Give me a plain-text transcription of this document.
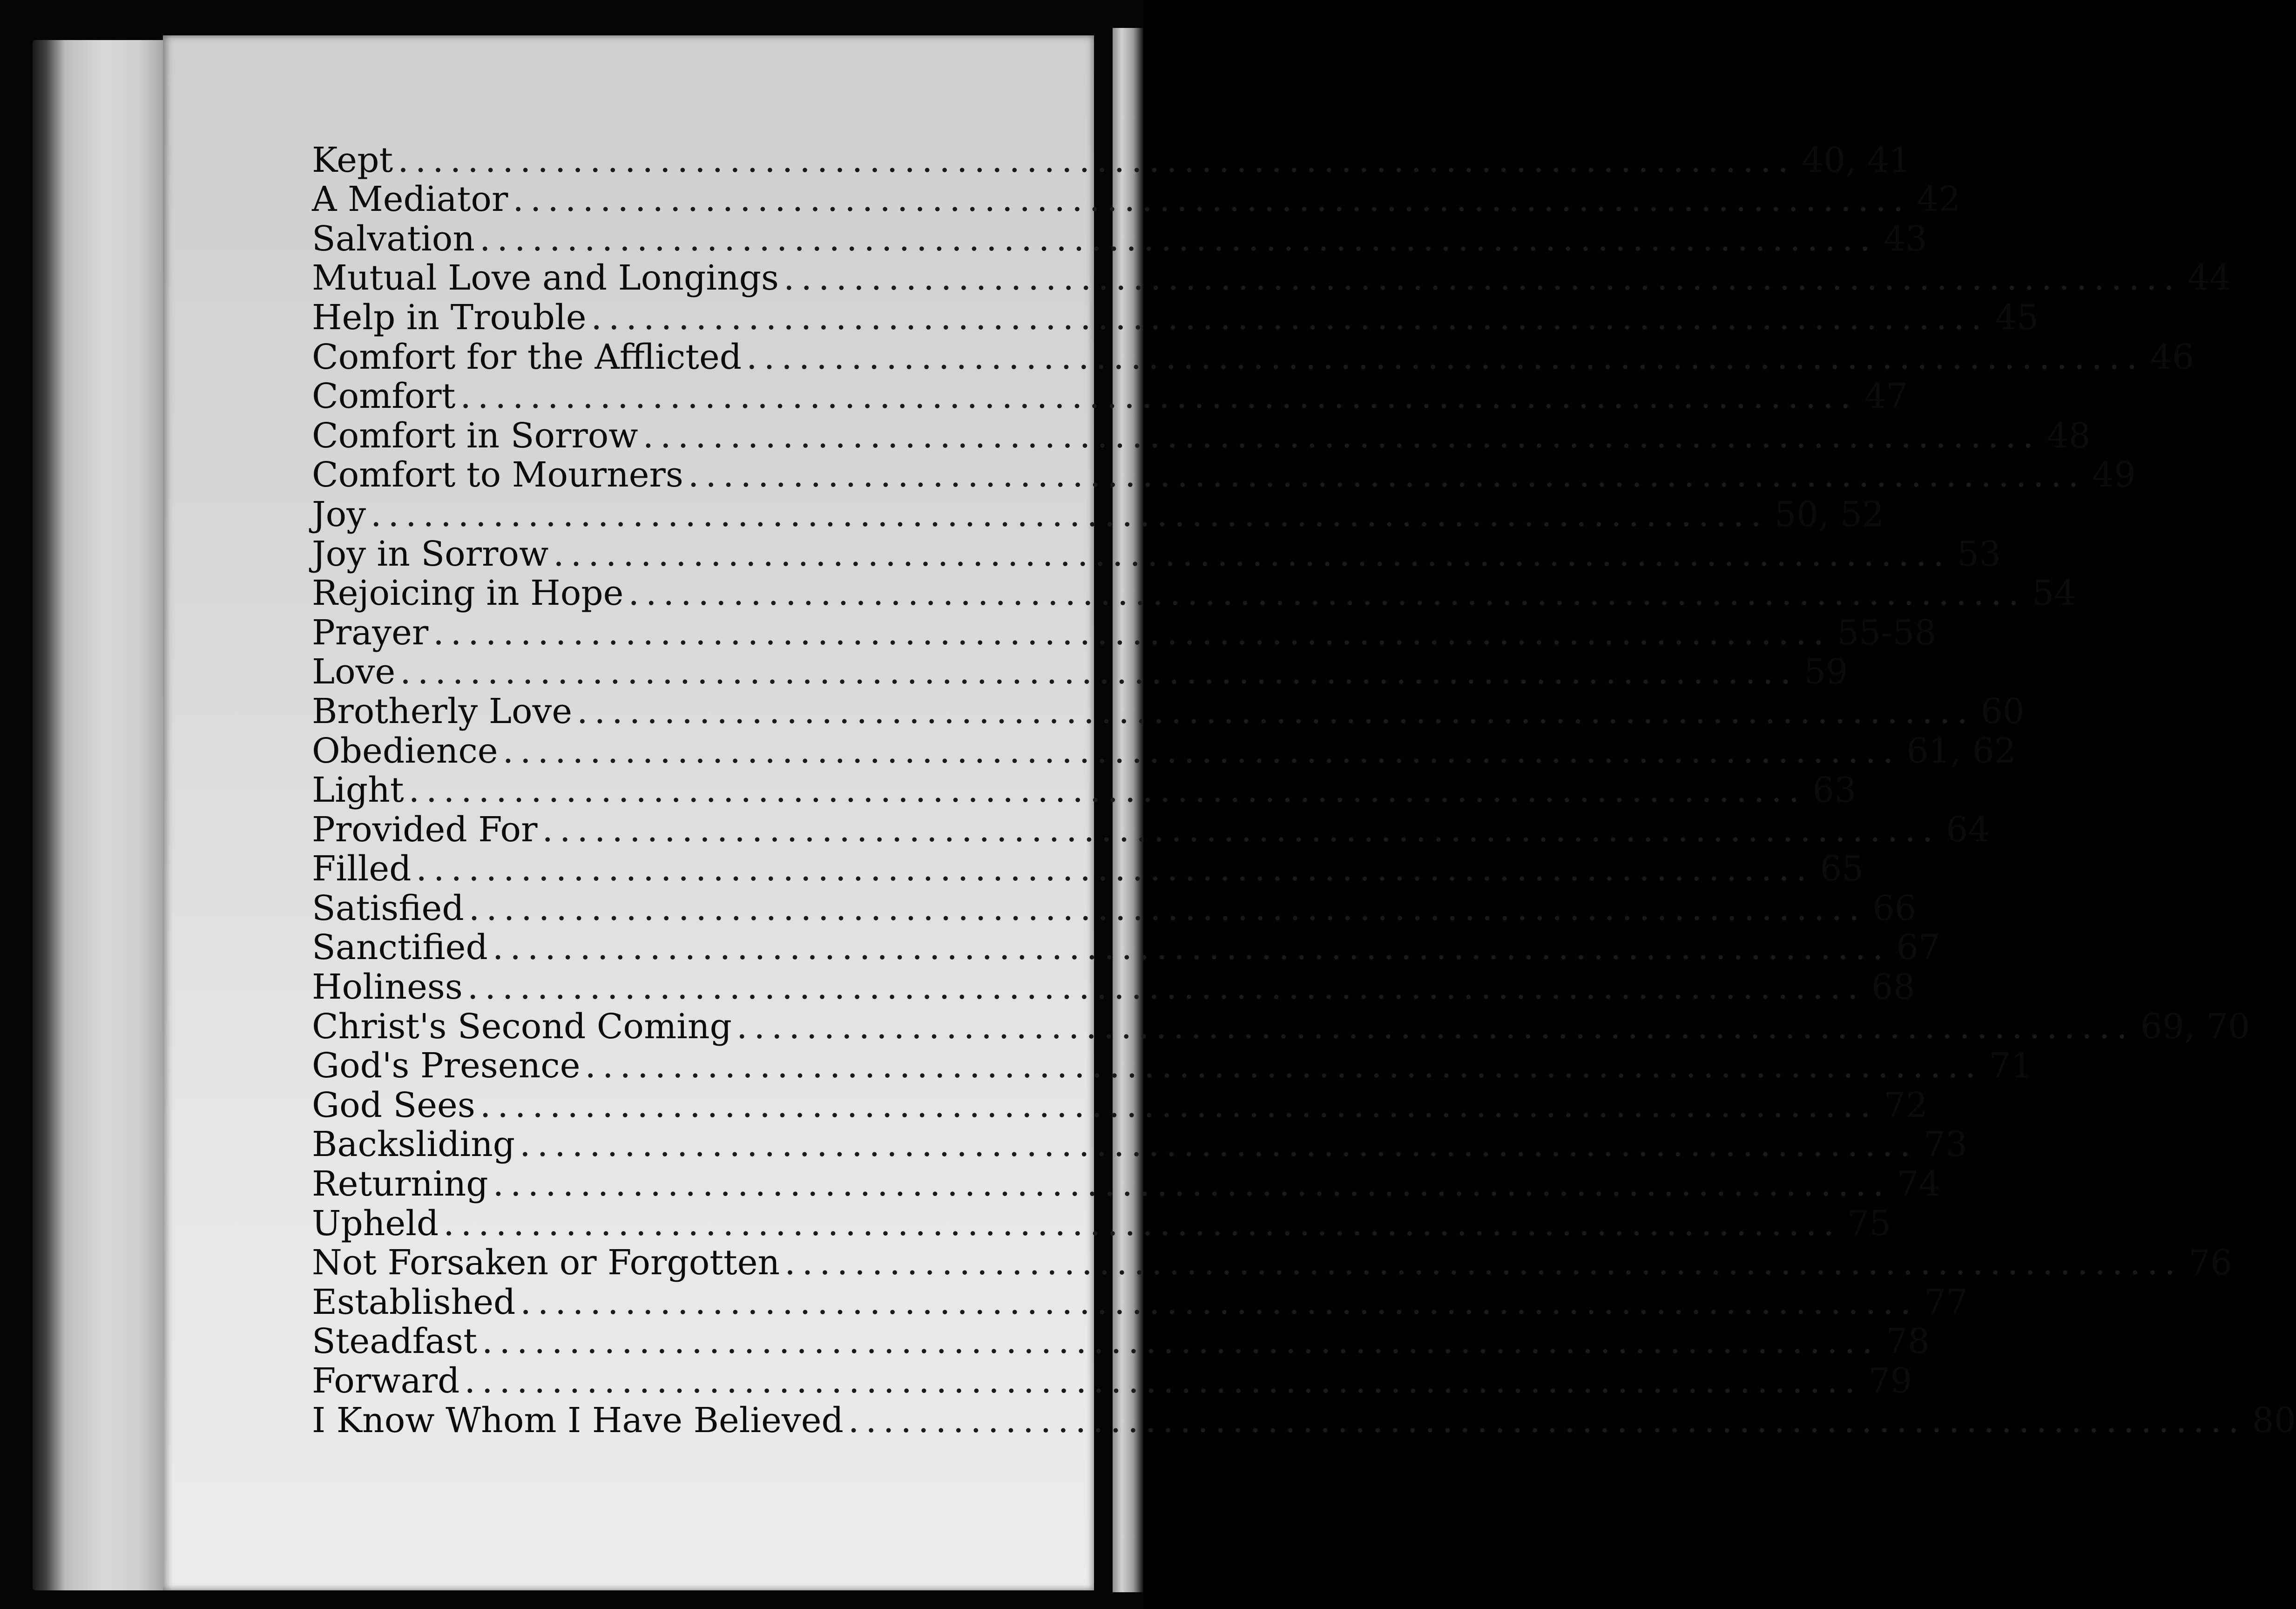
Kept ................................................................................ 40, 41
A Mediator ................................................................................ 42
Salvation ................................................................................ 43
Mutual Love and Longings ................................................................................ 44
Help in Trouble ................................................................................ 45
Comfort for the Afflicted ................................................................................ 46
Comfort ................................................................................ 47
Comfort in Sorrow ................................................................................ 48
Comfort to Mourners ................................................................................ 49
Joy ................................................................................ 50, 52
Joy in Sorrow ................................................................................ 53
Rejoicing in Hope ................................................................................ 54
Prayer ................................................................................ 55-58
Love ................................................................................ 59
Brotherly Love ................................................................................ 60
Obedience ................................................................................ 61, 62
Light ................................................................................ 63
Provided For ................................................................................ 64
Filled ................................................................................ 65
Satisfied ................................................................................ 66
Sanctified ................................................................................ 67
Holiness ................................................................................ 68
Christ's Second Coming ................................................................................ 69, 70
God's Presence ................................................................................ 71
God Sees ................................................................................ 72
Backsliding ................................................................................ 73
Returning ................................................................................ 74
Upheld ................................................................................ 75
Not Forsaken or Forgotten ................................................................................ 76
Established ................................................................................ 77
Steadfast ................................................................................ 78
Forward ................................................................................ 79
I Know Whom I Have Believed ................................................................................ 80
